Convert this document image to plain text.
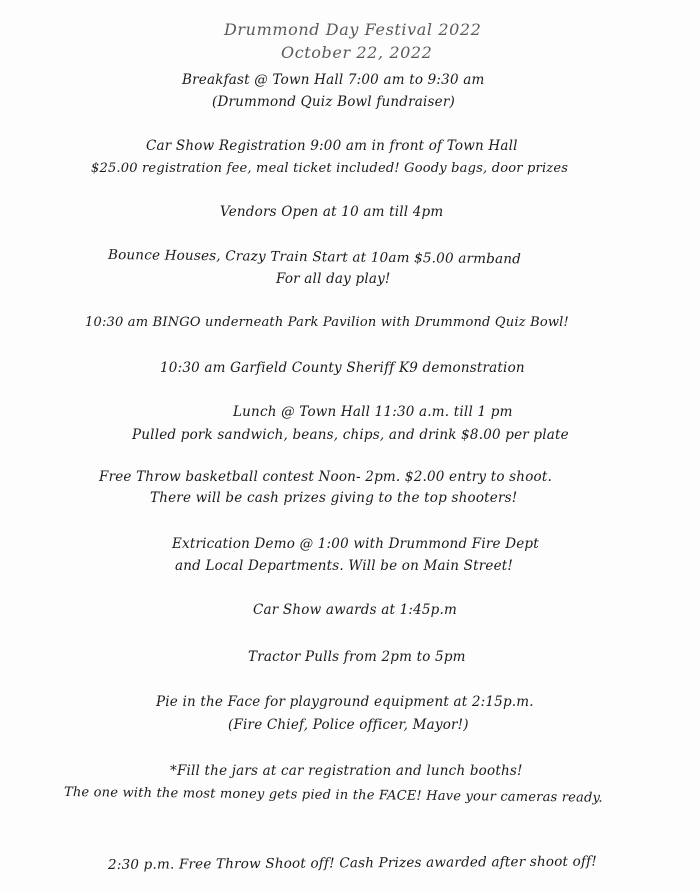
Drummond Day Festival 2022
October 22, 2022
Breakfast @ Town Hall 7:00 am to 9:30 am
(Drummond Quiz Bowl fundraiser)
Car Show Registration 9:00 am in front of Town Hall
$25.00 registration fee, meal ticket included! Goody bags, door prizes
Vendors Open at 10 am till 4pm
Bounce Houses, Crazy Train Start at 10am $5.00 armband
For all day play!
10:30 am BINGO underneath Park Pavilion with Drummond Quiz Bowl!
10:30 am Garfield County Sheriff K9 demonstration
Lunch @ Town Hall 11:30 a.m. till 1 pm
Pulled pork sandwich, beans, chips, and drink $8.00 per plate
Free Throw basketball contest Noon- 2pm. $2.00 entry to shoot.
There will be cash prizes giving to the top shooters!
Extrication Demo @ 1:00 with Drummond Fire Dept
and Local Departments. Will be on Main Street!
Car Show awards at 1:45p.m
Tractor Pulls from 2pm to 5pm
Pie in the Face for playground equipment at 2:15p.m.
(Fire Chief, Police officer, Mayor!)
*Fill the jars at car registration and lunch booths!
The one with the most money gets pied in the FACE! Have your cameras ready.
2:30 p.m. Free Throw Shoot off! Cash Prizes awarded after shoot off!
